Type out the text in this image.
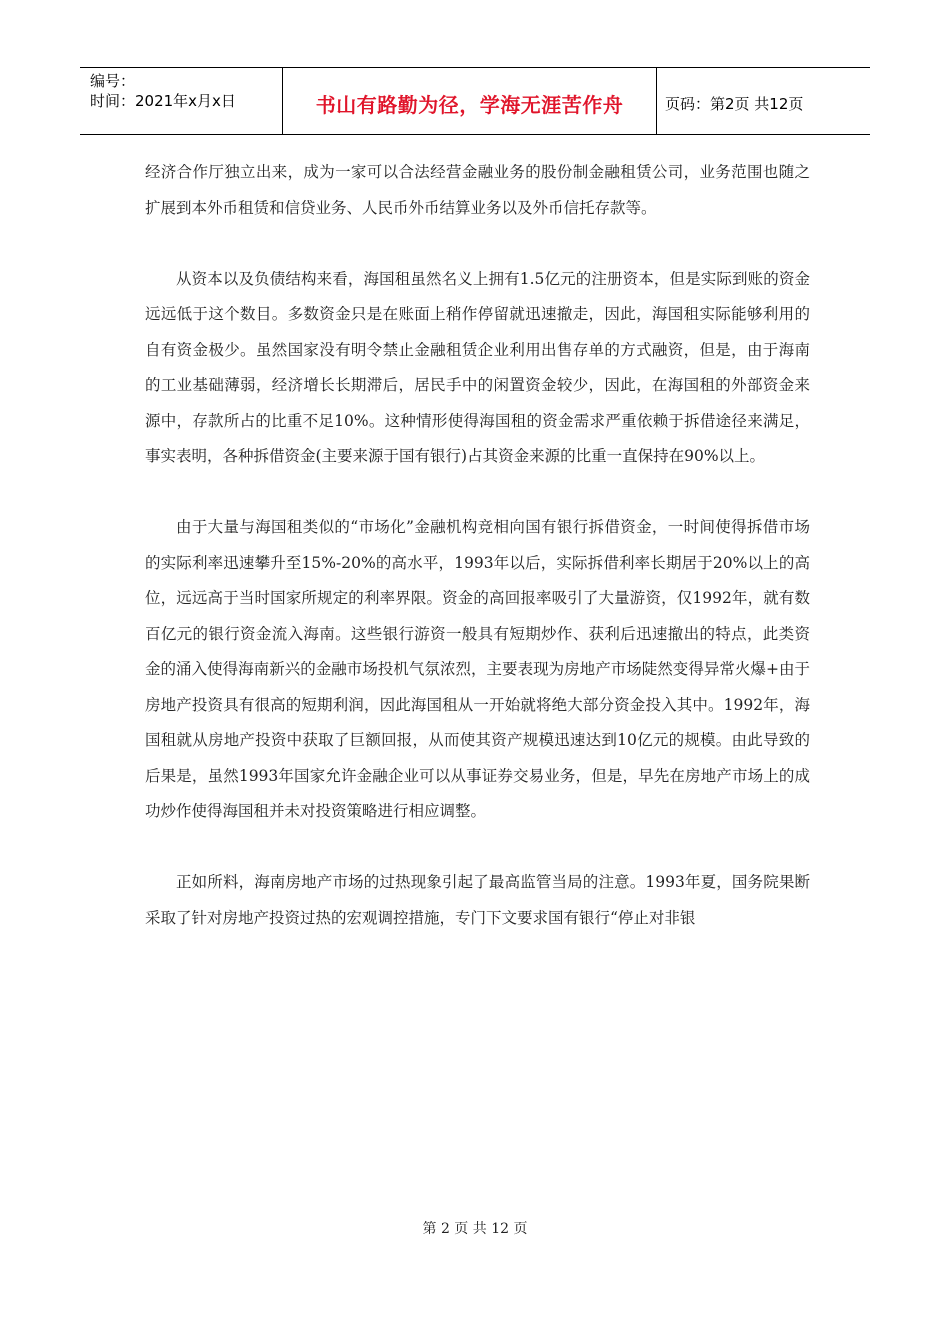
编号：
时间：2021年x月x日	书山有路勤为径，学海无涯苦作舟	页码：第2页 共12页

经济合作厅独立出来，成为一家可以合法经营金融业务的股份制金融租赁公司，业务范围也随之扩展到本外币租赁和信贷业务、人民币外币结算业务以及外币信托存款等。

从资本以及负债结构来看，海国租虽然名义上拥有1.5亿元的注册资本，但是实际到账的资金远远低于这个数目。多数资金只是在账面上稍作停留就迅速撤走，因此，海国租实际能够利用的自有资金极少。虽然国家没有明令禁止金融租赁企业利用出售存单的方式融资，但是，由于海南的工业基础薄弱，经济增长长期滞后，居民手中的闲置资金较少，因此，在海国租的外部资金来源中，存款所占的比重不足10%。这种情形使得海国租的资金需求严重依赖于拆借途径来满足，事实表明，各种拆借资金(主要来源于国有银行)占其资金来源的比重一直保持在90%以上。

由于大量与海国租类似的“市场化”金融机构竞相向国有银行拆借资金，一时间使得拆借市场的实际利率迅速攀升至15%-20%的高水平，1993年以后，实际拆借利率长期居于20%以上的高位，远远高于当时国家所规定的利率界限。资金的高回报率吸引了大量游资，仅1992年，就有数百亿元的银行资金流入海南。这些银行游资一般具有短期炒作、获利后迅速撤出的特点，此类资金的涌入使得海南新兴的金融市场投机气氛浓烈，主要表现为房地产市场陡然变得异常火爆+由于房地产投资具有很高的短期利润，因此海国租从一开始就将绝大部分资金投入其中。1992年，海国租就从房地产投资中获取了巨额回报，从而使其资产规模迅速达到10亿元的规模。由此导致的后果是，虽然1993年国家允许金融企业可以从事证券交易业务，但是，早先在房地产市场上的成功炒作使得海国租并未对投资策略进行相应调整。

正如所料，海南房地产市场的过热现象引起了最高监管当局的注意。1993年夏，国务院果断采取了针对房地产投资过热的宏观调控措施，专门下文要求国有银行“停止对非银

第 2 页 共 12 页
